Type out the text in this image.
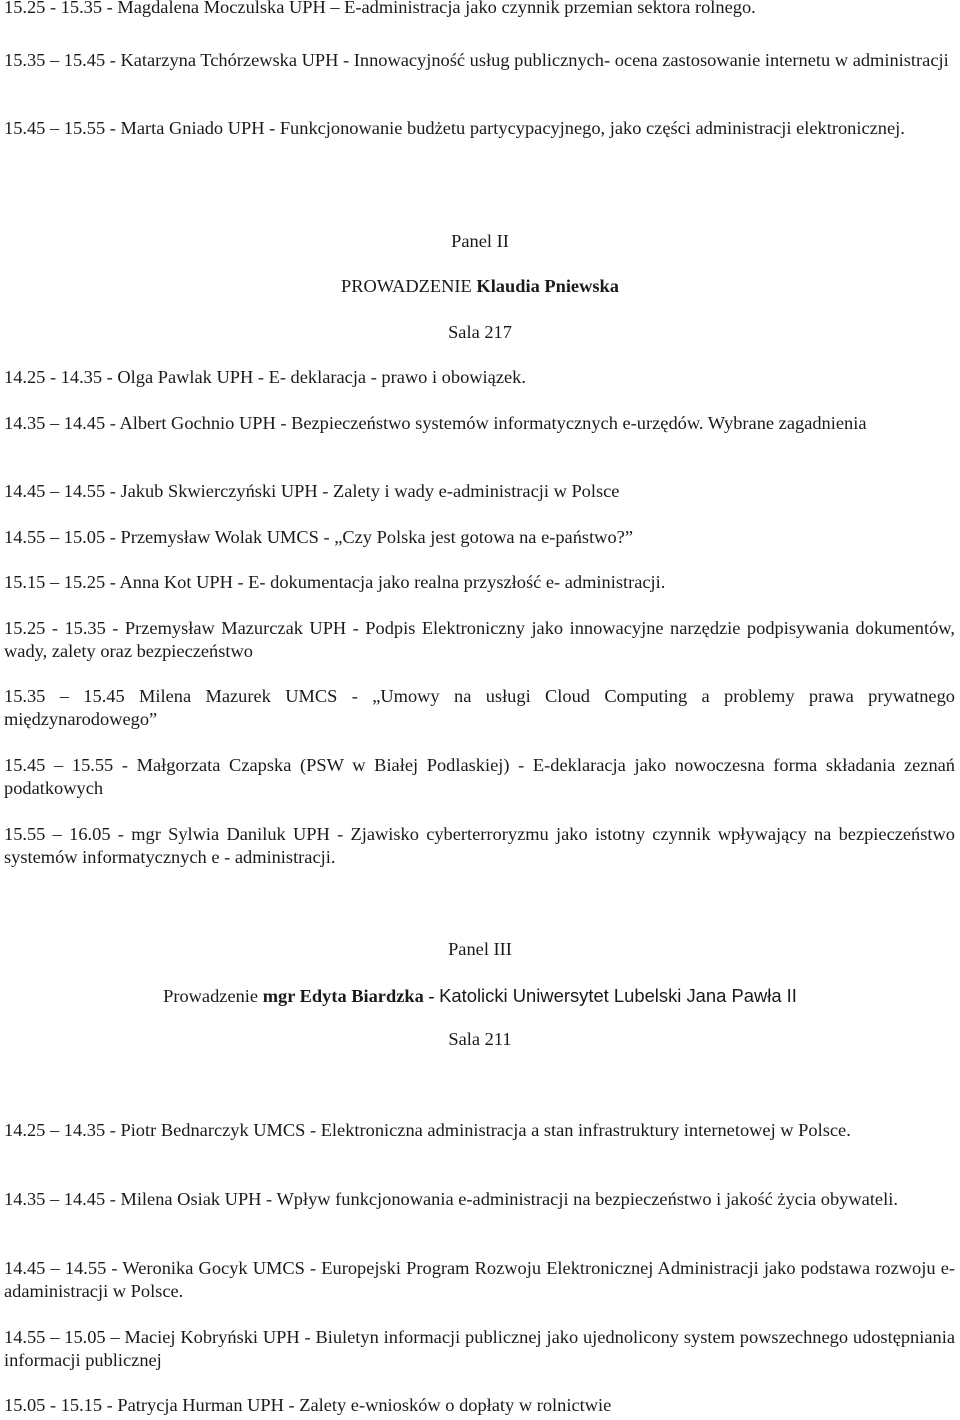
15.25 - 15.35 - Magdalena Moczulska UPH – E-administracja jako czynnik przemian sektora rolnego.

15.35 – 15.45 - Katarzyna Tchórzewska UPH - Innowacyjność usług publicznych- ocena zastosowanie internetu w administracji

15.45 – 15.55 - Marta Gniado UPH - Funkcjonowanie budżetu partycypacyjnego, jako części administracji elektronicznej.

Panel II

PROWADZENIE Klaudia Pniewska

Sala 217

14.25 - 14.35 - Olga Pawlak UPH - E- deklaracja - prawo i obowiązek.

14.35 – 14.45 - Albert Gochnio UPH - Bezpieczeństwo systemów informatycznych e-urzędów. Wybrane zagadnienia

14.45 – 14.55 - Jakub Skwierczyński UPH - Zalety i wady e-administracji w Polsce

14.55 – 15.05 - Przemysław Wolak UMCS - „Czy Polska jest gotowa na e-państwo?”

15.15 – 15.25 - Anna Kot UPH - E- dokumentacja jako realna przyszłość e- administracji.

15.25 - 15.35 - Przemysław Mazurczak UPH - Podpis Elektroniczny jako innowacyjne narzędzie podpisywania dokumentów, wady, zalety oraz bezpieczeństwo

15.35 – 15.45 Milena Mazurek UMCS - „Umowy na usługi Cloud Computing a problemy prawa prywatnego międzynarodowego”

15.45 – 15.55 - Małgorzata Czapska (PSW w Białej Podlaskiej) - E-deklaracja jako nowoczesna forma składania zeznań podatkowych

15.55 – 16.05 - mgr Sylwia Daniluk UPH - Zjawisko cyberterroryzmu jako istotny czynnik wpływający na bezpieczeństwo systemów informatycznych e - administracji.

Panel III

Prowadzenie mgr Edyta Biardzka - Katolicki Uniwersytet Lubelski Jana Pawła II

Sala 211

14.25 – 14.35 - Piotr Bednarczyk UMCS - Elektroniczna administracja a stan infrastruktury internetowej w Polsce.

14.35 – 14.45 - Milena Osiak UPH - Wpływ funkcjonowania e-administracji na bezpieczeństwo i jakość życia obywateli.

14.45 – 14.55 - Weronika Gocyk UMCS - Europejski Program Rozwoju Elektronicznej Administracji jako podstawa rozwoju e-adaministracji w Polsce.

14.55 – 15.05 – Maciej Kobryński UPH - Biuletyn informacji publicznej jako ujednolicony system powszechnego udostępniania informacji publicznej

15.05 - 15.15 - Patrycja Hurman UPH - Zalety e-wniosków o dopłaty w rolnictwie
